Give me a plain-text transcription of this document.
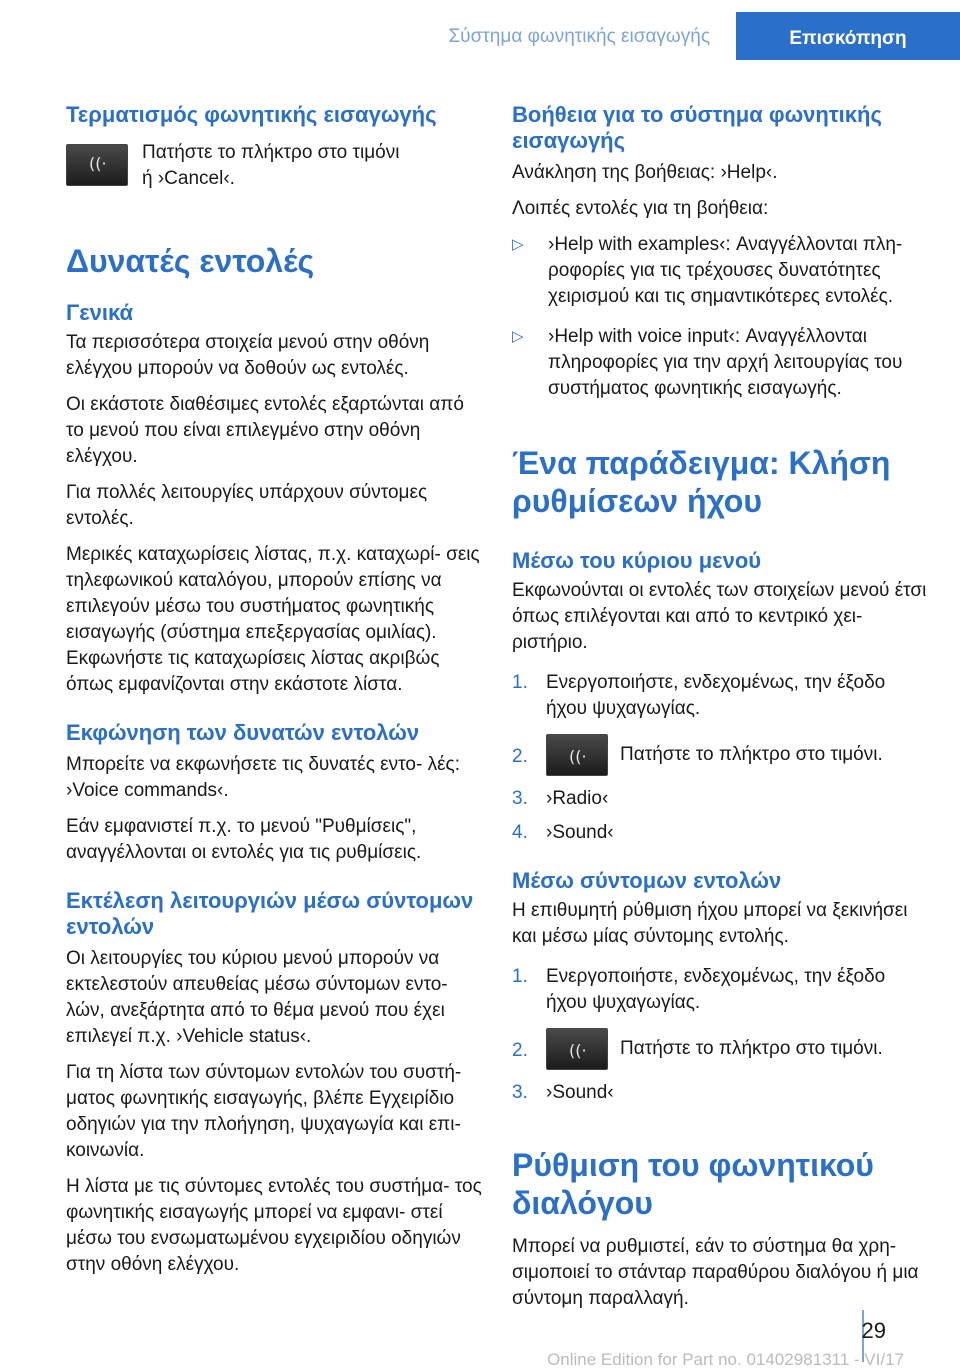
Σύστημα φωνητικής εισαγωγής	Επισκόπηση
Τερματισμός φωνητικής εισαγωγής
((·

Πατήστε το πλήκτρο στο τιμόνι

ή ›Cancel‹.

Δυνατές εντολές
Γενικά

Τα περισσότερα στοιχεία μενού στην οθόνη ελέγχου μπορούν να δοθούν ως εντολές.

Οι εκάστοτε διαθέσιμες εντολές εξαρτώνται από το μενού που είναι επιλεγμένο στην οθόνη ελέγχου.

Για πολλές λειτουργίες υπάρχουν σύντομες εντολές.

Μερικές καταχωρίσεις λίστας, π.χ. καταχωρί‐ σεις τηλεφωνικού καταλόγου, μπορούν επίσης να επιλεγούν μέσω του συστήματος φωνητικής εισαγωγής (σύστημα επεξεργασίας ομιλίας). Εκφωνήστε τις καταχωρίσεις λίστας ακριβώς όπως εμφανίζονται στην εκάστοτε λίστα.

Εκφώνηση των δυνατών εντολών

Μπορείτε να εκφωνήσετε τις δυνατές εντο‐ λές: ›Voice commands‹.

Εάν εμφανιστεί π.χ. το μενού "Ρυθμίσεις", αναγγέλλονται οι εντολές για τις ρυθμίσεις.

Εκτέλεση λειτουργιών μέσω σύντομων εντολών

Οι λειτουργίες του κύριου μενού μπορούν να εκτελεστούν απευθείας μέσω σύντομων εντο‐ λών, ανεξάρτητα από το θέμα μενού που έχει επιλεγεί π.χ. ›Vehicle status‹.

Για τη λίστα των σύντομων εντολών του συστή‐ ματος φωνητικής εισαγωγής, βλέπε Εγχειρίδιο οδηγιών για την πλοήγηση, ψυχαγωγία και επι‐ κοινωνία.

Η λίστα με τις σύντομες εντολές του συστήμα‐ τος φωνητικής εισαγωγής μπορεί να εμφανι‐ στεί μέσω του ενσωματωμένου εγχειριδίου οδηγιών στην οθόνη ελέγχου.

Βοήθεια για το σύστημα φωνητικής εισαγωγής

Ανάκληση της βοήθειας: ›Help‹.

Λοιπές εντολές για τη βοήθεια:

▷ ›Help with examples‹: Αναγγέλλονται πλη‐ ροφορίες για τις τρέχουσες δυνατότητες χειρισμού και τις σημαντικότερες εντολές.
▷ ›Help with voice input‹: Αναγγέλλονται πληροφορίες για την αρχή λειτουργίας του συστήματος φωνητικής εισαγωγής.
Ένα παράδειγμα: Κλήση ρυθμίσεων ήχου
Μέσω του κύριου μενού

Εκφωνούνται οι εντολές των στοιχείων μενού έτσι όπως επιλέγονται και από το κεντρικό χει‐ ριστήριο.

1. Ενεργοποιήστε, ενδεχομένως, την έξοδο ήχου ψυχαγωγίας.
2.	((· Πατήστε το πλήκτρο στο τιμόνι.
3. ›Radio‹
4. ›Sound‹
Μέσω σύντομων εντολών

Η επιθυμητή ρύθμιση ήχου μπορεί να ξεκινήσει και μέσω μίας σύντομης εντολής.

1. Ενεργοποιήστε, ενδεχομένως, την έξοδο ήχου ψυχαγωγίας.
2.	((· Πατήστε το πλήκτρο στο τιμόνι.
3. ›Sound‹
Ρύθμιση του φωνητικού διαλόγου

Μπορεί να ρυθμιστεί, εάν το σύστημα θα χρη‐ σιμοποιεί το στάνταρ παραθύρου διαλόγου ή μια σύντομη παραλλαγή.

29
Online Edition for Part no. 01402981311 - VI/17
